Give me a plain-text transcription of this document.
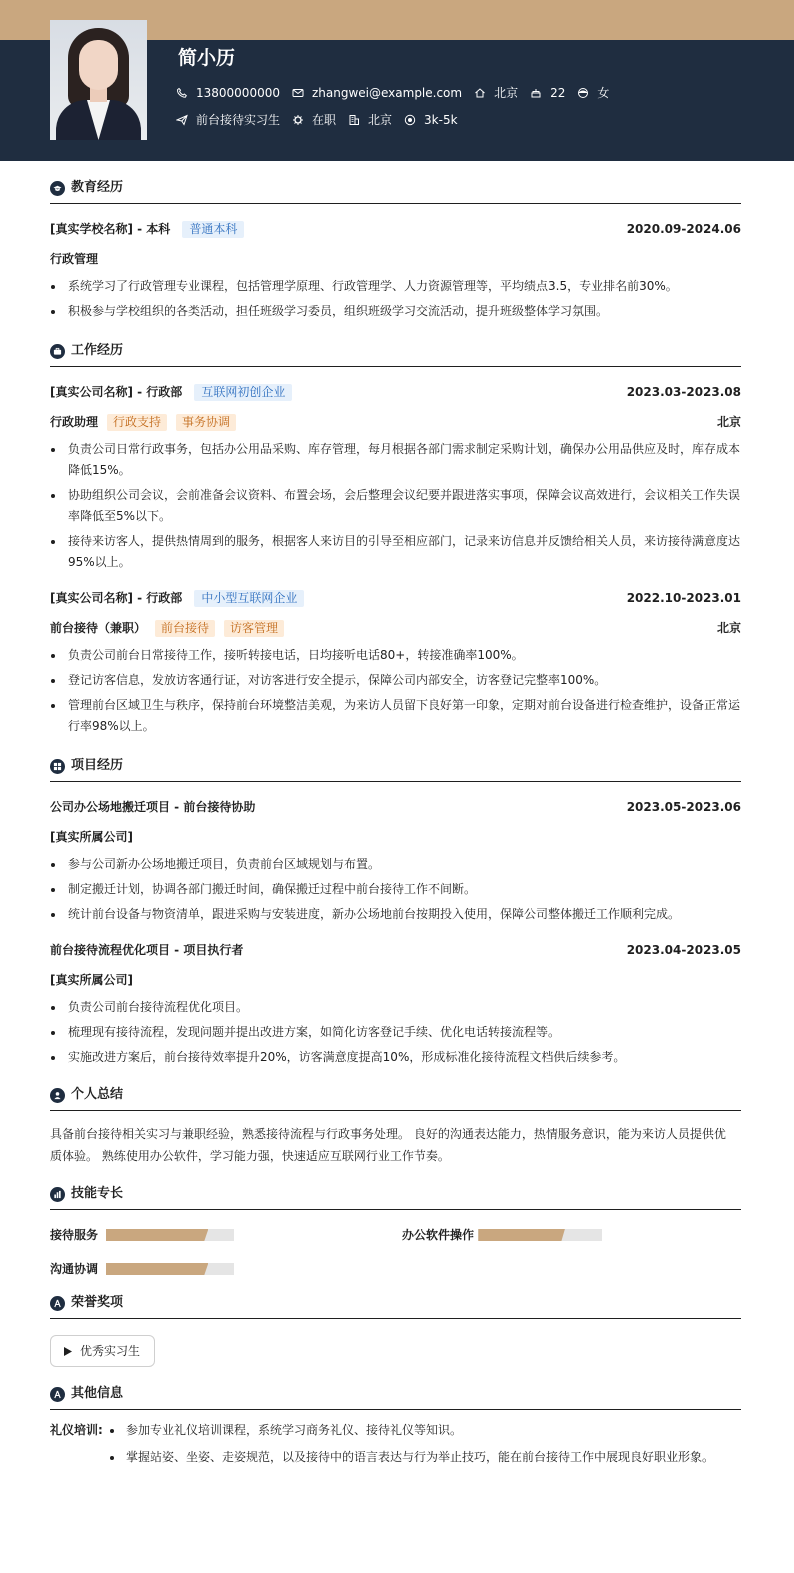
简小历
13800000000	zhangwei@example.com	北京	22	女
前台接待实习生	在职	北京	3k-5k
教育经历
[真实学校名称] - 本科	普通本科	2020.09-2024.06
行政管理
系统学习了行政管理专业课程，包括管理学原理、行政管理学、人力资源管理等，平均绩点3.5，专业排名前30%。
积极参与学校组织的各类活动，担任班级学习委员，组织班级学习交流活动，提升班级整体学习氛围。
工作经历
[真实公司名称] - 行政部	互联网初创企业	2023.03-2023.08
行政助理	行政支持	事务协调	北京
负责公司日常行政事务，包括办公用品采购、库存管理，每月根据各部门需求制定采购计划，确保办公用品供应及时，库存成本降低15%。
协助组织公司会议，会前准备会议资料、布置会场，会后整理会议纪要并跟进落实事项，保障会议高效进行，会议相关工作失误率降低至5%以下。
接待来访客人，提供热情周到的服务，根据客人来访目的引导至相应部门，记录来访信息并反馈给相关人员，来访接待满意度达95%以上。
[真实公司名称] - 行政部	中小型互联网企业	2022.10-2023.01
前台接待（兼职）	前台接待	访客管理	北京
负责公司前台日常接待工作，接听转接电话，日均接听电话80+，转接准确率100%。
登记访客信息，发放访客通行证，对访客进行安全提示，保障公司内部安全，访客登记完整率100%。
管理前台区域卫生与秩序，保持前台环境整洁美观，为来访人员留下良好第一印象，定期对前台设备进行检查维护，设备正常运行率98%以上。
项目经历
公司办公场地搬迁项目 - 前台接待协助	2023.05-2023.06
[真实所属公司]
参与公司新办公场地搬迁项目，负责前台区域规划与布置。
制定搬迁计划，协调各部门搬迁时间，确保搬迁过程中前台接待工作不间断。
统计前台设备与物资清单，跟进采购与安装进度，新办公场地前台按期投入使用，保障公司整体搬迁工作顺利完成。
前台接待流程优化项目 - 项目执行者	2023.04-2023.05
[真实所属公司]
负责公司前台接待流程优化项目。
梳理现有接待流程，发现问题并提出改进方案，如简化访客登记手续、优化电话转接流程等。
实施改进方案后，前台接待效率提升20%，访客满意度提高10%，形成标准化接待流程文档供后续参考。
个人总结
具备前台接待相关实习与兼职经验，熟悉接待流程与行政事务处理。 良好的沟通表达能力，热情服务意识，能为来访人员提供优质体验。 熟练使用办公软件，学习能力强，快速适应互联网行业工作节奏。
技能专长
接待服务	办公软件操作
沟通协调
荣誉奖项
优秀实习生
其他信息
礼仪培训:	参加专业礼仪培训课程，系统学习商务礼仪、接待礼仪等知识。
掌握站姿、坐姿、走姿规范，以及接待中的语言表达与行为举止技巧，能在前台接待工作中展现良好职业形象。
